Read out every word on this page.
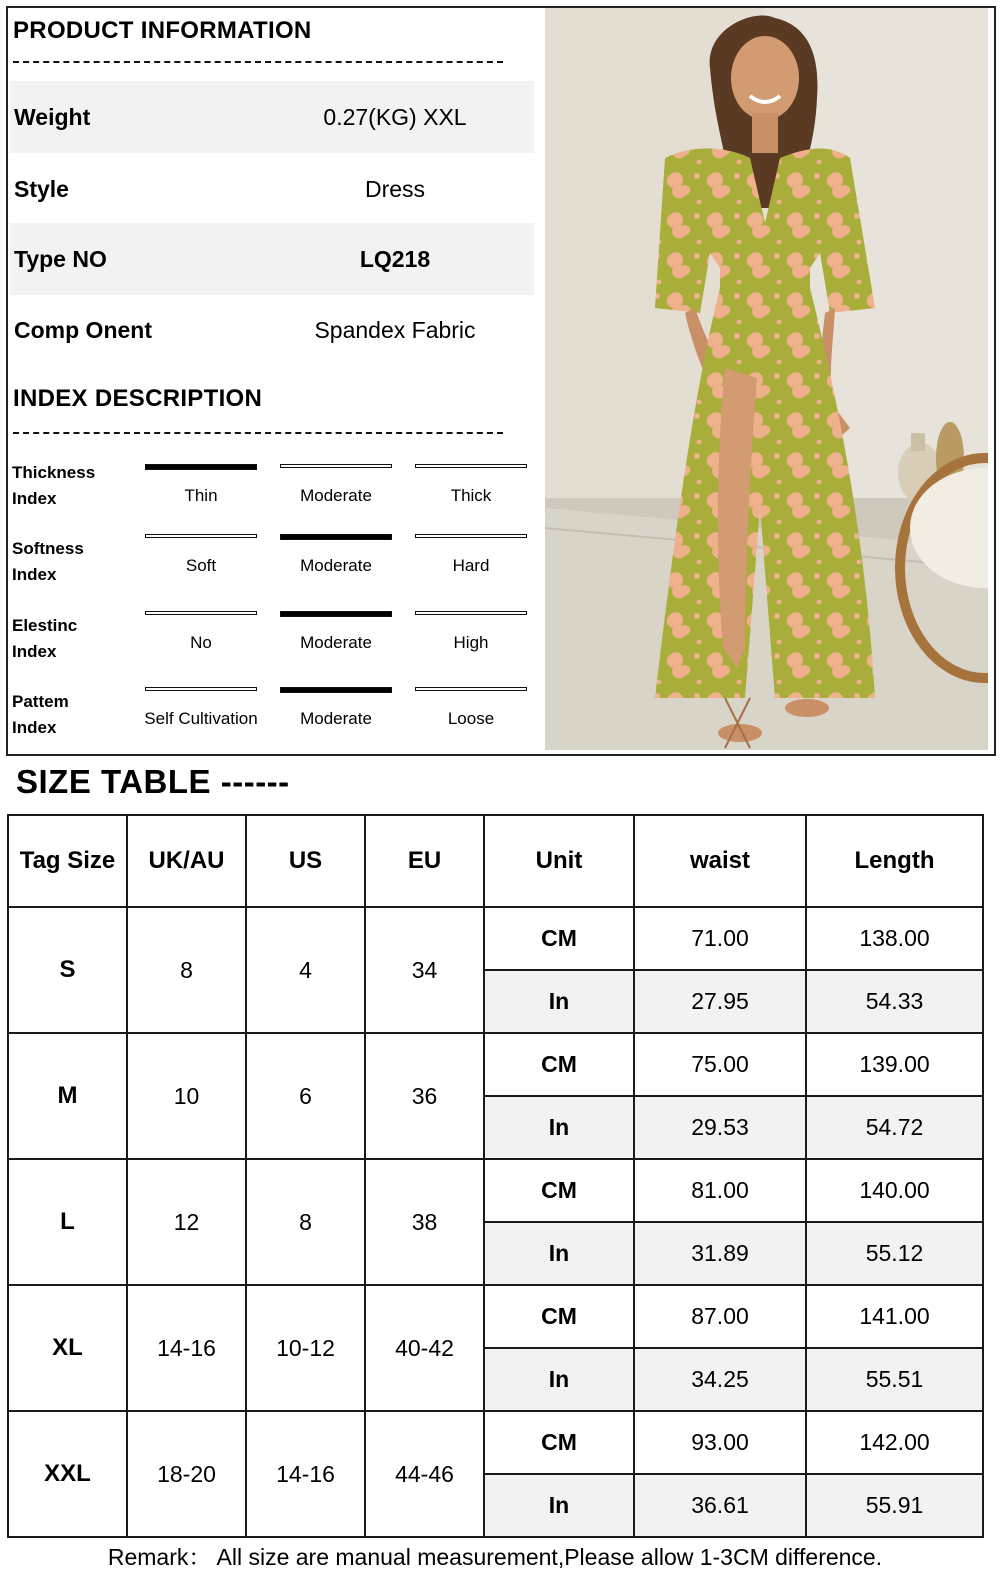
PRODUCT INFORMATION
Weight	0.27(KG) XXL
Style	Dress
Type NO	LQ218
Comp Onent	Spandex Fabric
INDEX DESCRIPTION
Thickness
Index	Thin	Moderate	Thick
Softness
Index	Soft	Moderate	Hard
Elestinc
Index	No	Moderate	High
Pattem
Index	Self Cultivation	Moderate	Loose
SIZE TABLE ------
Tag Size	UK/AU	US	EU	Unit	waist	Length
S	8	4	34	CM	71.00	138.00
				In	27.95	54.33
M	10	6	36	CM	75.00	139.00
				In	29.53	54.72
L	12	8	38	CM	81.00	140.00
				In	31.89	55.12
XL	14-16	10-12	40-42	CM	87.00	141.00
				In	34.25	55.51
XXL	18-20	14-16	44-46	CM	93.00	142.00
				In	36.61	55.91
Remark： All size are manual measurement,Please allow 1-3CM difference.
